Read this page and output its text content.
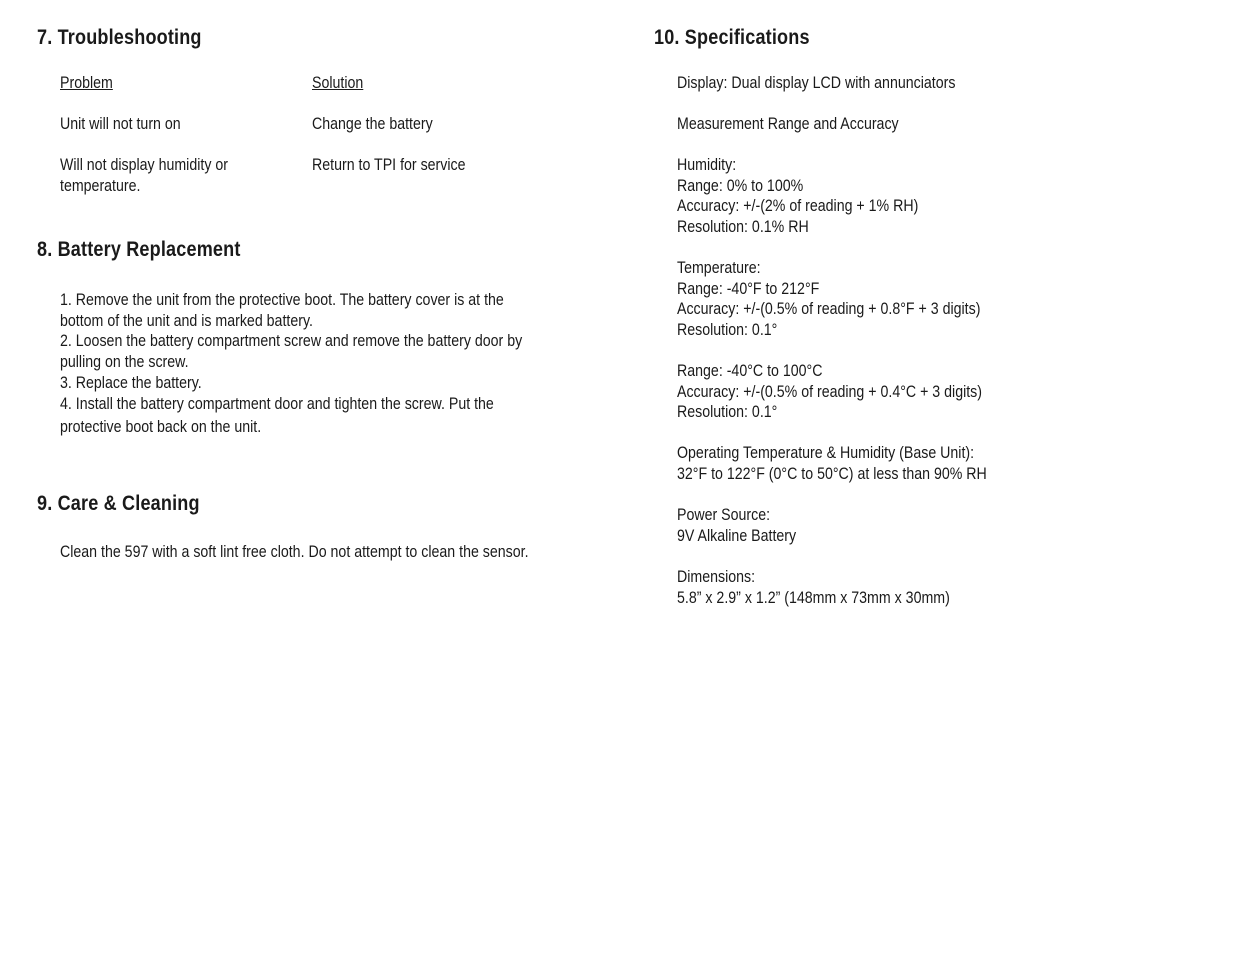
7. Troubleshooting
Problem	Solution
Unit will not turn on	Change the battery
Will not display humidity or
temperature.
Return to TPI for service
8. Battery Replacement
1. Remove the unit from the protective boot. The battery cover is at the
bottom of the unit and is marked battery.
2. Loosen the battery compartment screw and remove the battery door by
pulling on the screw.
3. Replace the battery.
4. Install the battery compartment door and tighten the screw. Put the
protective boot back on the unit.
9. Care & Cleaning
Clean the 597 with a soft lint free cloth. Do not attempt to clean the sensor.
10. Specifications
Display: Dual display LCD with annunciators
Measurement Range and Accuracy
Humidity:
Range: 0% to 100%
Accuracy: +/-(2% of reading + 1% RH)
Resolution: 0.1% RH
Temperature:
Range: -40°F to 212°F
Accuracy: +/-(0.5% of reading + 0.8°F + 3 digits)
Resolution: 0.1°
Range: -40°C to 100°C
Accuracy: +/-(0.5% of reading + 0.4°C + 3 digits)
Resolution: 0.1°
Operating Temperature & Humidity (Base Unit):
32°F to 122°F (0°C to 50°C) at less than 90% RH
Power Source:
9V Alkaline Battery
Dimensions:
5.8” x 2.9” x 1.2” (148mm x 73mm x 30mm)
